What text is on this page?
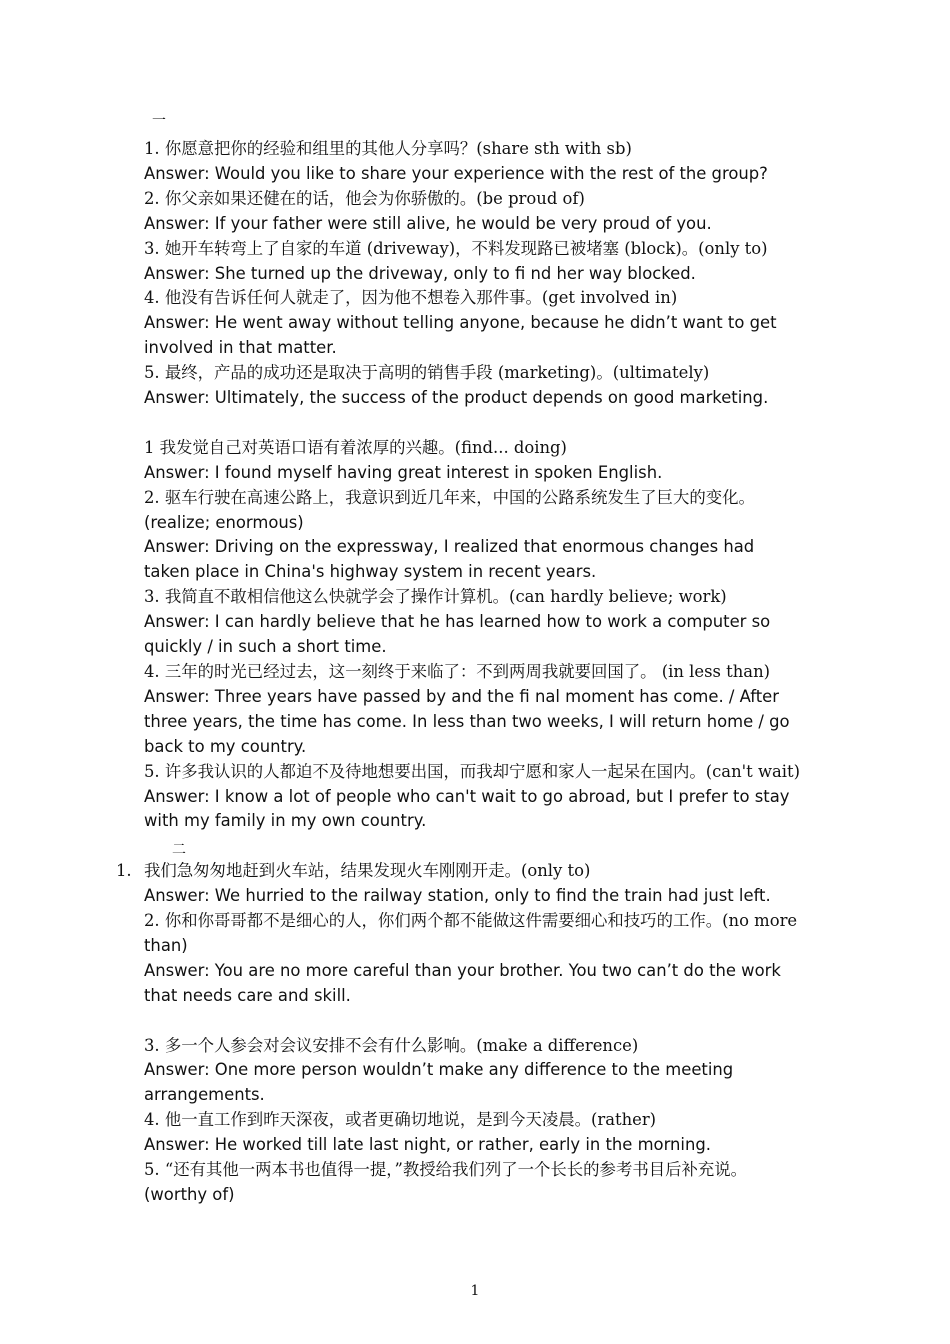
一
二
1. 你愿意把你的经验和组里的其他人分享吗？(share sth with sb)
Answer: Would you like to share your experience with the rest of the group?
2. 你父亲如果还健在的话，他会为你骄傲的。(be proud of)
Answer: If your father were still alive, he would be very proud of you.
3. 她开车转弯上了自家的车道 (driveway)，不料发现路已被堵塞 (block)。(only to)
Answer: She turned up the driveway, only to fi nd her way blocked.
4. 他没有告诉任何人就走了，因为他不想卷入那件事。(get involved in)
Answer: He went away without telling anyone, because he didn’t want to get
involved in that matter.
5. 最终，产品的成功还是取决于高明的销售手段 (marketing)。(ultimately)
Answer: Ultimately, the success of the product depends on good marketing.
1 我发觉自己对英语口语有着浓厚的兴趣。(find... doing)
Answer: I found myself having great interest in spoken English.
2. 驱车行驶在高速公路上，我意识到近几年来，中国的公路系统发生了巨大的变化。
(realize; enormous)
Answer: Driving on the expressway, I realized that enormous changes had
taken place in China's highway system in recent years.
3. 我简直不敢相信他这么快就学会了操作计算机。(can hardly believe; work)
Answer: I can hardly believe that he has learned how to work a computer so
quickly / in such a short time.
4. 三年的时光已经过去，这一刻终于来临了：不到两周我就要回国了。 (in less than)
Answer: Three years have passed by and the fi nal moment has come. / After
three years, the time has come. In less than two weeks, I will return home / go
back to my country.
5. 许多我认识的人都迫不及待地想要出国，而我却宁愿和家人一起呆在国内。(can't wait)
Answer: I know a lot of people who can't wait to go abroad, but I prefer to stay
with my family in my own country.
1. 我们急匆匆地赶到火车站，结果发现火车刚刚开走。(only to)
Answer: We hurried to the railway station, only to find the train had just left.
2. 你和你哥哥都不是细心的人，你们两个都不能做这件需要细心和技巧的工作。(no more
than)
Answer: You are no more careful than your brother. You two can’t do the work
that needs care and skill.
3. 多一个人参会对会议安排不会有什么影响。(make a difference)
Answer: One more person wouldn’t make any difference to the meeting
arrangements.
4. 他一直工作到昨天深夜，或者更确切地说，是到今天凌晨。(rather)
Answer: He worked till late last night, or rather, early in the morning.
5. “还有其他一两本书也值得一提，”教授给我们列了一个长长的参考书目后补充说。
(worthy of)
1
